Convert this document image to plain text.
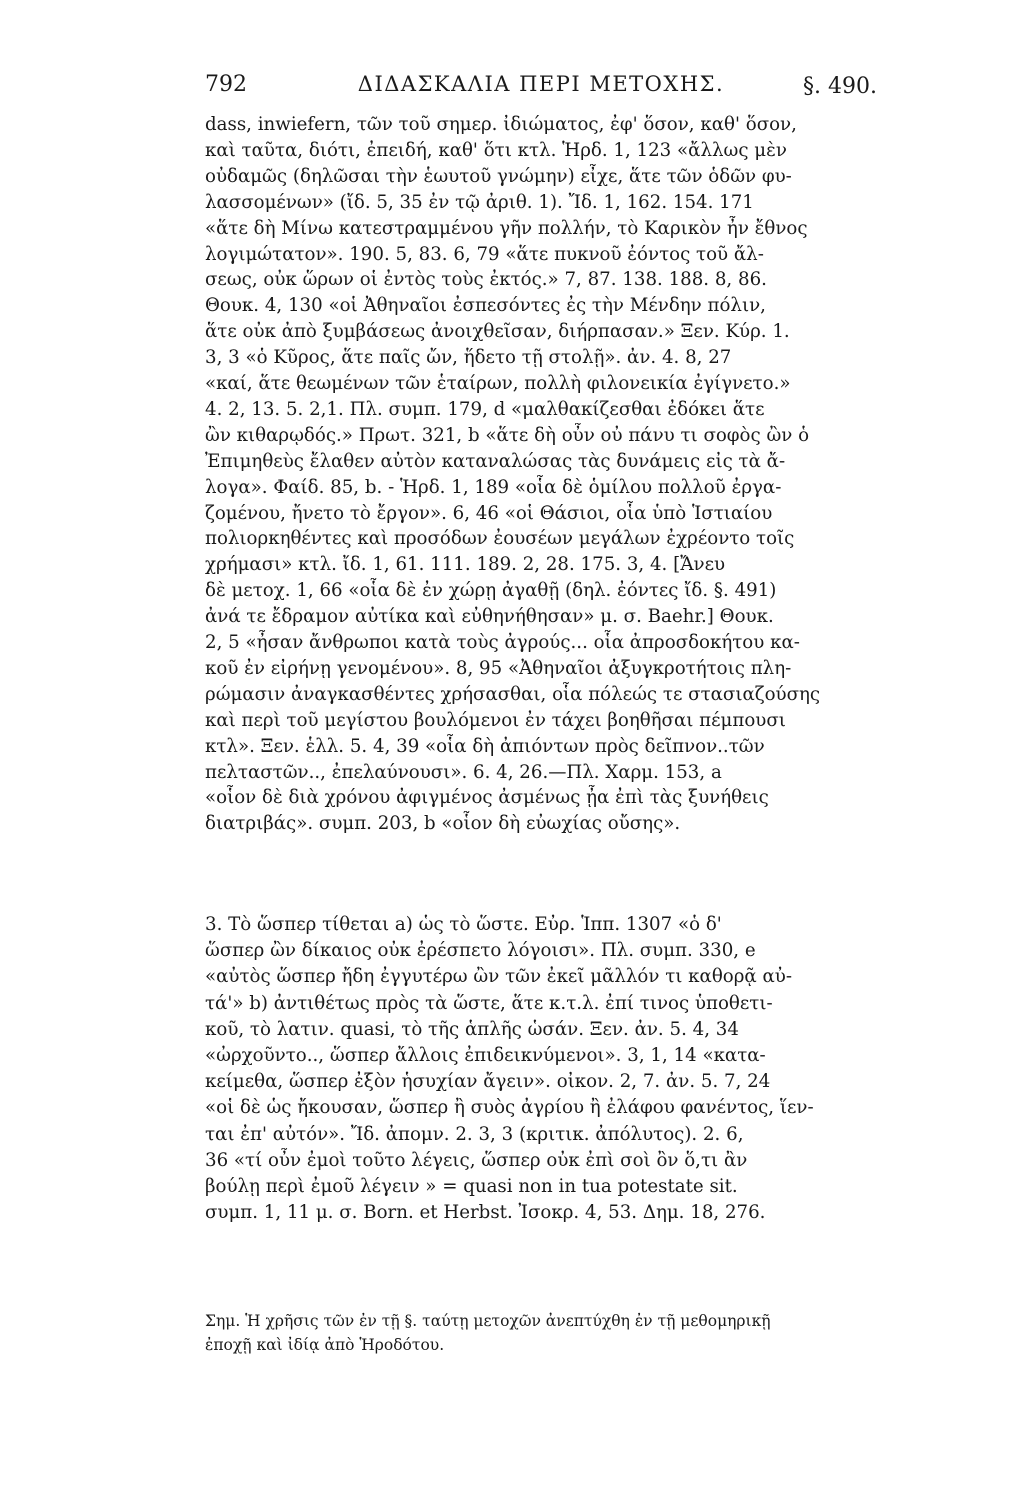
792	ΔΙΔΑΣΚΑΛΙΑ ΠΕΡΙ ΜΕΤΟΧΗΣ.	§. 490.
dass, inwiefern, τῶν τοῦ σημερ. ἰδιώματος, ἐφ' ὅσον, καθ' ὅσον,
καὶ ταῦτα, διότι, ἐπειδή, καθ' ὅτι κτλ. Ἡρδ. 1, 123 «ἄλλως μὲν
οὐδαμῶς (δηλῶσαι τὴν ἑωυτοῦ γνώμην) εἶχε, ἅτε τῶν ὁδῶν φυ-
λασσομένων» (ἴδ. 5, 35 ἐν τῷ ἀριθ. 1). Ἴδ. 1, 162. 154. 171
«ἅτε δὴ Μίνω κατεστραμμένου γῆν πολλήν, τὸ Καρικὸν ἦν ἔθνος
λογιμώτατον». 190. 5, 83. 6, 79 «ἅτε πυκνοῦ ἐόντος τοῦ ἄλ-
σεως, οὐκ ὥρων οἱ ἐντὸς τοὺς ἐκτός.» 7, 87. 138. 188. 8, 86.
Θουκ. 4, 130 «οἱ Ἀθηναῖοι ἐσπεσόντες ἐς τὴν Μένδην πόλιν,
ἅτε οὐκ ἀπὸ ξυμβάσεως ἀνοιχθεῖσαν, διήρπασαν.» Ξεν. Κύρ. 1.
3, 3 «ὁ Κῦρος, ἅτε παῖς ὤν, ἥδετο τῇ στολῇ». ἀν. 4. 8, 27
«καί, ἅτε θεωμένων τῶν ἑταίρων, πολλὴ φιλονεικία ἐγίγνετο.»
4. 2, 13. 5. 2,1. Πλ. συμπ. 179, d «μαλθακίζεσθαι ἐδόκει ἅτε
ὢν κιθαρῳδός.» Πρωτ. 321, b «ἅτε δὴ οὖν οὐ πάνυ τι σοφὸς ὢν ὁ
Ἐπιμηθεὺς ἔλαθεν αὐτὸν καταναλώσας τὰς δυνάμεις εἰς τὰ ἄ-
λογα». Φαίδ. 85, b. - Ἡρδ. 1, 189 «οἷα δὲ ὁμίλου πολλοῦ ἐργα-
ζομένου, ἤνετο τὸ ἔργον». 6, 46 «οἱ Θάσιοι, οἷα ὑπὸ Ἱστιαίου
πολιορκηθέντες καὶ προσόδων ἐουσέων μεγάλων ἐχρέοντο τοῖς
χρήμασι» κτλ. ἴδ. 1, 61. 111. 189. 2, 28. 175. 3, 4. [Ἄνευ
δὲ μετοχ. 1, 66 «οἷα δὲ ἐν χώρῃ ἀγαθῇ (δηλ. ἐόντες ἴδ. §. 491)
ἀνά τε ἔδραμον αὐτίκα καὶ εὐθηνήθησαν» μ. σ. Baehr.] Θουκ.
2, 5 «ἦσαν ἄνθρωποι κατὰ τοὺς ἀγρούς... οἷα ἀπροσδοκήτου κα-
κοῦ ἐν εἰρήνῃ γενομένου». 8, 95 «Ἀθηναῖοι ἀξυγκροτήτοις πλη-
ρώμασιν ἀναγκασθέντες χρήσασθαι, οἷα πόλεώς τε στασιαζούσης
καὶ περὶ τοῦ μεγίστου βουλόμενοι ἐν τάχει βοηθῆσαι πέμπουσι
κτλ». Ξεν. ἑλλ. 5. 4, 39 «οἷα δὴ ἀπιόντων πρὸς δεῖπνον..τῶν
πελταστῶν.., ἐπελαύνουσι». 6. 4, 26.—Πλ. Χαρμ. 153, a
«οἷον δὲ διὰ χρόνου ἀφιγμένος ἀσμένως ᾖα ἐπὶ τὰς ξυνήθεις
διατριβάς». συμπ. 203, b «οἷον δὴ εὐωχίας οὔσης».
3. Τὸ ὥσπερ τίθεται a) ὡς τὸ ὥστε. Εὐρ. Ἱππ. 1307 «ὁ δ'
ὥσπερ ὢν δίκαιος οὐκ ἐρέσπετο λόγοισι». Πλ. συμπ. 330, e
«αὐτὸς ὥσπερ ἤδη ἐγγυτέρω ὢν τῶν ἐκεῖ μᾶλλόν τι καθορᾷ αὐ-
τά'» b) ἀντιθέτως πρὸς τὰ ὥστε, ἅτε κ.τ.λ. ἐπί τινος ὑποθετι-
κοῦ, τὸ λατιν. quasi, τὸ τῆς ἁπλῆς ὡσάν. Ξεν. ἀν. 5. 4, 34
«ὠρχοῦντο.., ὥσπερ ἄλλοις ἐπιδεικνύμενοι». 3, 1, 14 «κατα-
κείμεθα, ὥσπερ ἐξὸν ἡσυχίαν ἄγειν». οἰκον. 2, 7. ἀν. 5. 7, 24
«οἱ δὲ ὡς ἤκουσαν, ὥσπερ ἢ συὸς ἀγρίου ἢ ἐλάφου φανέντος, ἵεν-
ται ἐπ' αὐτόν». Ἴδ. ἀπομν. 2. 3, 3 (κριτικ. ἀπόλυτος). 2. 6,
36 «τί οὖν ἐμοὶ τοῦτο λέγεις, ὥσπερ οὐκ ἐπὶ σοὶ ὂν ὅ,τι ἂν
βούλῃ περὶ ἐμοῦ λέγειν » = quasi non in tua potestate sit.
συμπ. 1, 11 μ. σ. Born. et Herbst. Ἰσοκρ. 4, 53. Δημ. 18, 276.
Σημ. Ἡ χρῆσις τῶν ἐν τῇ §. ταύτῃ μετοχῶν ἀνεπτύχθη ἐν τῇ μεθομηρικῇ
ἐποχῇ καὶ ἰδίᾳ ἀπὸ Ἡροδότου.
